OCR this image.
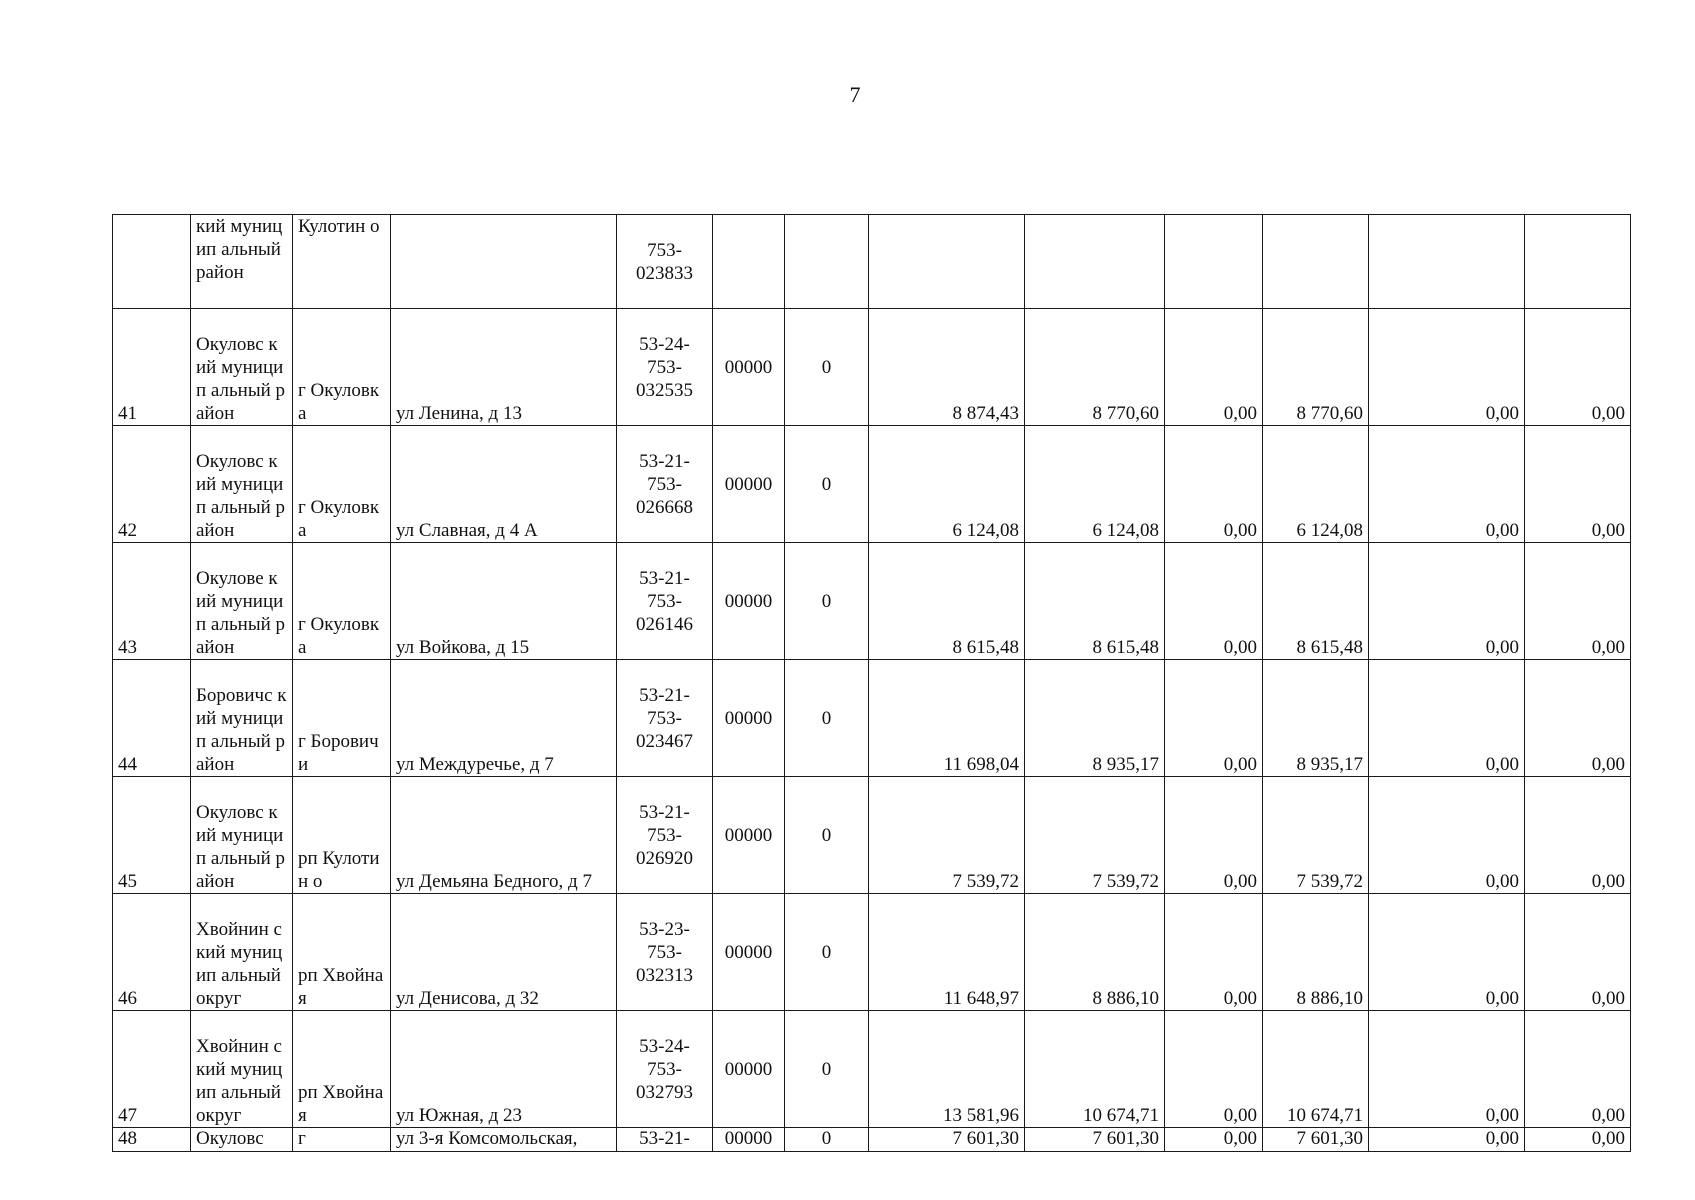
7
	кий муницип альный район	Кулотин о		753- 023833								
41	Окуловс кий муницип альный район	г Окуловк а	ул Ленина, д 13	53-24- 753- 032535	00000	0	8 874,43	8 770,60	0,00	8 770,60	0,00	0,00
42	Окуловс кий муницип альный район	г Окуловк а	ул Славная, д 4 А	53-21- 753- 026668	00000	0	6 124,08	6 124,08	0,00	6 124,08	0,00	0,00
43	Окулове кий муницип альный район	г Окуловк а	ул Войкова, д 15	53-21- 753- 026146	00000	0	8 615,48	8 615,48	0,00	8 615,48	0,00	0,00
44	Боровичс кий муницип альный район	г Борович и	ул Междуречье, д 7	53-21- 753- 023467	00000	0	11 698,04	8 935,17	0,00	8 935,17	0,00	0,00
45	Окуловс кий муницип альный район	рп Кулотин о	ул Демьяна Бедного, д 7	53-21- 753- 026920	00000	0	7 539,72	7 539,72	0,00	7 539,72	0,00	0,00
46	Хвойнин ский муницип альный округ	рп Хвойная	ул Денисова, д 32	53-23- 753- 032313	00000	0	11 648,97	8 886,10	0,00	8 886,10	0,00	0,00
47	Хвойнин ский муницип альный округ	рп Хвойная	ул Южная, д 23	53-24- 753- 032793	00000	0	13 581,96	10 674,71	0,00	10 674,71	0,00	0,00
48	Окуловс	г	ул 3-я Комсомольская,	53-21-	00000	0	7 601,30	7 601,30	0,00	7 601,30	0,00	0,00
